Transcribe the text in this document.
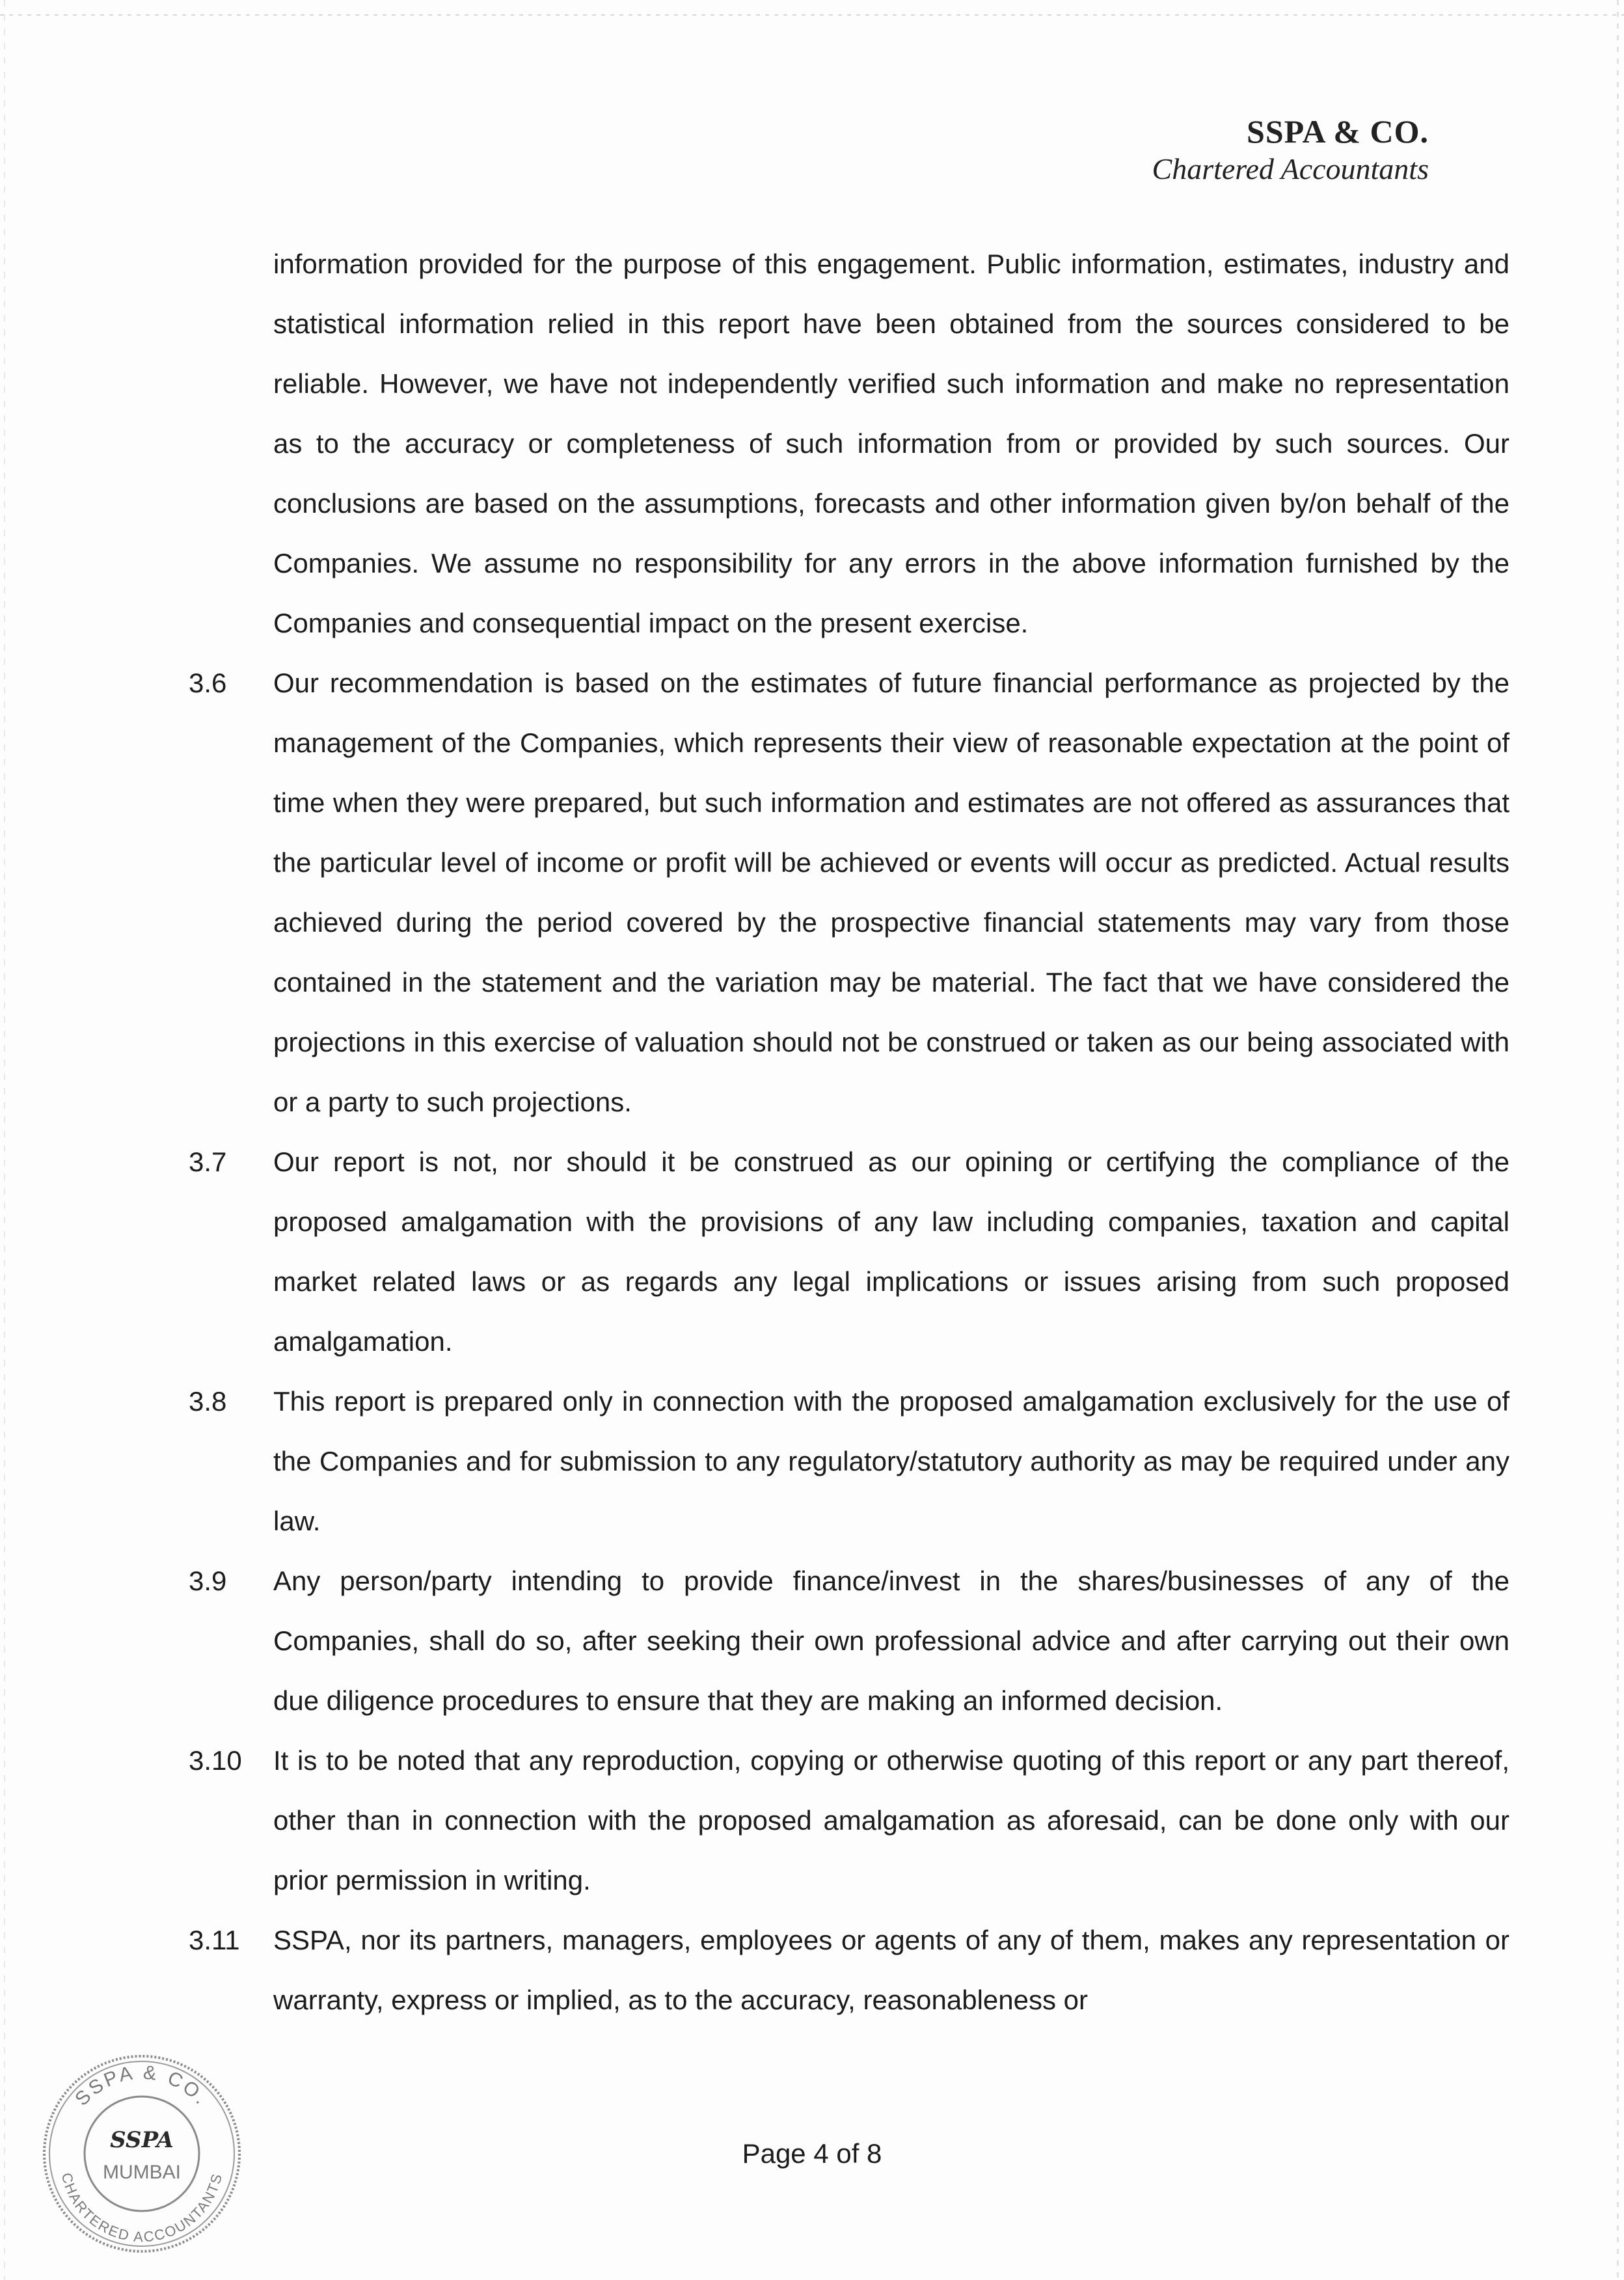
SSPA & CO.
Chartered Accountants
information provided for the purpose of this engagement. Public information, estimates, industry and statistical information relied in this report have been obtained from the sources considered to be reliable. However, we have not independently verified such information and make no representation as to the accuracy or completeness of such information from or provided by such sources. Our conclusions are based on the assumptions, forecasts and other information given by/on behalf of the Companies. We assume no responsibility for any errors in the above information furnished by the Companies and consequential impact on the present exercise.
3.6	Our recommendation is based on the estimates of future financial performance as projected by the management of the Companies, which represents their view of reasonable expectation at the point of time when they were prepared, but such information and estimates are not offered as assurances that the particular level of income or profit will be achieved or events will occur as predicted. Actual results achieved during the period covered by the prospective financial statements may vary from those contained in the statement and the variation may be material. The fact that we have considered the projections in this exercise of valuation should not be construed or taken as our being associated with or a party to such projections.
3.7	Our report is not, nor should it be construed as our opining or certifying the compliance of the proposed amalgamation with the provisions of any law including companies, taxation and capital market related laws or as regards any legal implications or issues arising from such proposed amalgamation.
3.8	This report is prepared only in connection with the proposed amalgamation exclusively for the use of the Companies and for submission to any regulatory/statutory authority as may be required under any law.
3.9	Any person/party intending to provide finance/invest in the shares/businesses of any of the Companies, shall do so, after seeking their own professional advice and after carrying out their own due diligence procedures to ensure that they are making an informed decision.
3.10	It is to be noted that any reproduction, copying or otherwise quoting of this report or any part thereof, other than in connection with the proposed amalgamation as aforesaid, can be done only with our prior permission in writing.
3.11	SSPA, nor its partners, managers, employees or agents of any of them, makes any representation or warranty, express or implied, as to the accuracy, reasonableness or
SSPA & CO.
CHARTERED ACCOUNTANTS
SSPA
MUMBAI
Page 4 of 8
